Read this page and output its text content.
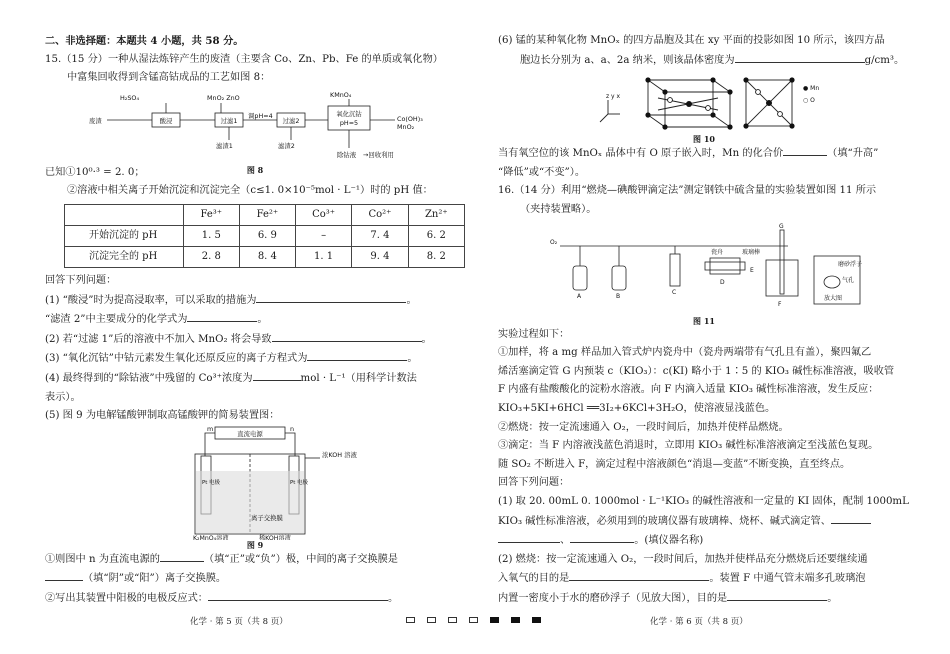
二、非选择题：本题共 4 小题，共 58 分。

15.（15 分）一种从湿法炼锌产生的废渣（主要含 Co、Zn、Pb、Fe 的单质或氧化物）

中富集回收得到含锰高钴成品的工艺如图 8：

H₂SO₄	MnO₂ ZnO	KMnO₄
废渣
调pH=4	Co(OH)₃
MnO₂
滤渣1	滤渣2
除钴液 →回收利用
酸浸	过滤1	过滤2
氧化沉钴
pH=5
图 8

已知①10⁰·³ = 2. 0；

②溶液中相关离子开始沉淀和沉淀完全（c≤1. 0×10⁻⁵mol · L⁻¹）时的 pH 值：

	Fe³⁺	Fe²⁺	Co³⁺	Co²⁺	Zn²⁺
开始沉淀的 pH	1. 5	6. 9	–	7. 4	6. 2
沉淀完全的 pH	2. 8	8. 4	1. 1	9. 4	8. 2

回答下列问题：

(1) “酸浸”时为提高浸取率，可以采取的措施为	。

“滤渣 2”中主要成分的化学式为	。

(2) 若“过滤 1”后的溶液中不加入 MnO₂ 将会导致	。

(3) “氧化沉钴”中钴元素发生氧化还原反应的离子方程式为	。

(4) 最终得到的“除钴液”中残留的 Co³⁺浓度为	mol · L⁻¹（用科学计数法

表示）。

(5) 图 9 为电解锰酸钾制取高锰酸钾的简易装置图：

直流电源
m	n
浓KOH 溶液
离子交换膜
Pt 电极	Pt 电极
K₂MnO₄溶液	稀KOH溶液
图 9

①则图中 n 为直流电源的	（填“正”或“负”）极，中间的离子交换膜是

（填“阴”或“阳”）离子交换膜。

②写出其装置中阳极的电极反应式：	。

(6) 锰的某种氧化物 MnOₓ 的四方晶胞及其在 xy 平面的投影如图 10 所示，该四方晶

胞边长分别为 a、a、2a 纳米，则该晶体密度为	g/cm³。

z y x
● Mn
○ O
图 10

当有氧空位的该 MnOₓ 晶体中有 O 原子嵌入时，Mn 的化合价	（填“升高”

“降低”或“不变”）。

16.（14 分）利用“燃烧—碘酸钾滴定法”测定钢铁中硫含量的实验装置如图 11 所示

（夹持装置略）。

O₂
A	B
C
D
E
F
G
瓷舟	玻璃棒
磨砂浮子
气孔
放大图
图 11

实验过程如下：

①加样，将 a mg 样品加入管式炉内瓷舟中（瓷舟两端带有气孔且有盖），聚四氟乙

烯活塞滴定管 G 内预装 c（KIO₃）：c(KI) 略小于 1∶5 的 KIO₃ 碱性标准溶液，吸收管

F 内盛有盐酸酸化的淀粉水溶液。向 F 内滴入适量 KIO₃ 碱性标准溶液，发生反应：

KIO₃+5KI+6HCl ══3I₂+6KCl+3H₂O，使溶液显浅蓝色。

②燃烧：按一定流速通入 O₂，一段时间后，加热并使样品燃烧。

③滴定：当 F 内溶液浅蓝色消退时，立即用 KIO₃ 碱性标准溶液滴定至浅蓝色复现。

随 SO₂ 不断进入 F，滴定过程中溶液颜色“消退—变蓝”不断变换，直至终点。

回答下列问题：

(1) 取 20. 00mL 0. 1000mol · L⁻¹KIO₃ 的碱性溶液和一定量的 KI 固体，配制 1000mL

KIO₃ 碱性标准溶液，必须用到的玻璃仪器有玻璃棒、烧杯、碱式滴定管、

、	。(填仪器名称)

(2) 燃烧：按一定流速通入 O₂，一段时间后，加热并使样品充分燃烧后还要继续通

入氧气的目的是	。装置 F 中通气管末端多孔玻璃泡

内置一密度小于水的磨砂浮子（见放大图），目的是	。

化学 · 第 5 页（共 8 页）	化学 · 第 6 页（共 8 页）
